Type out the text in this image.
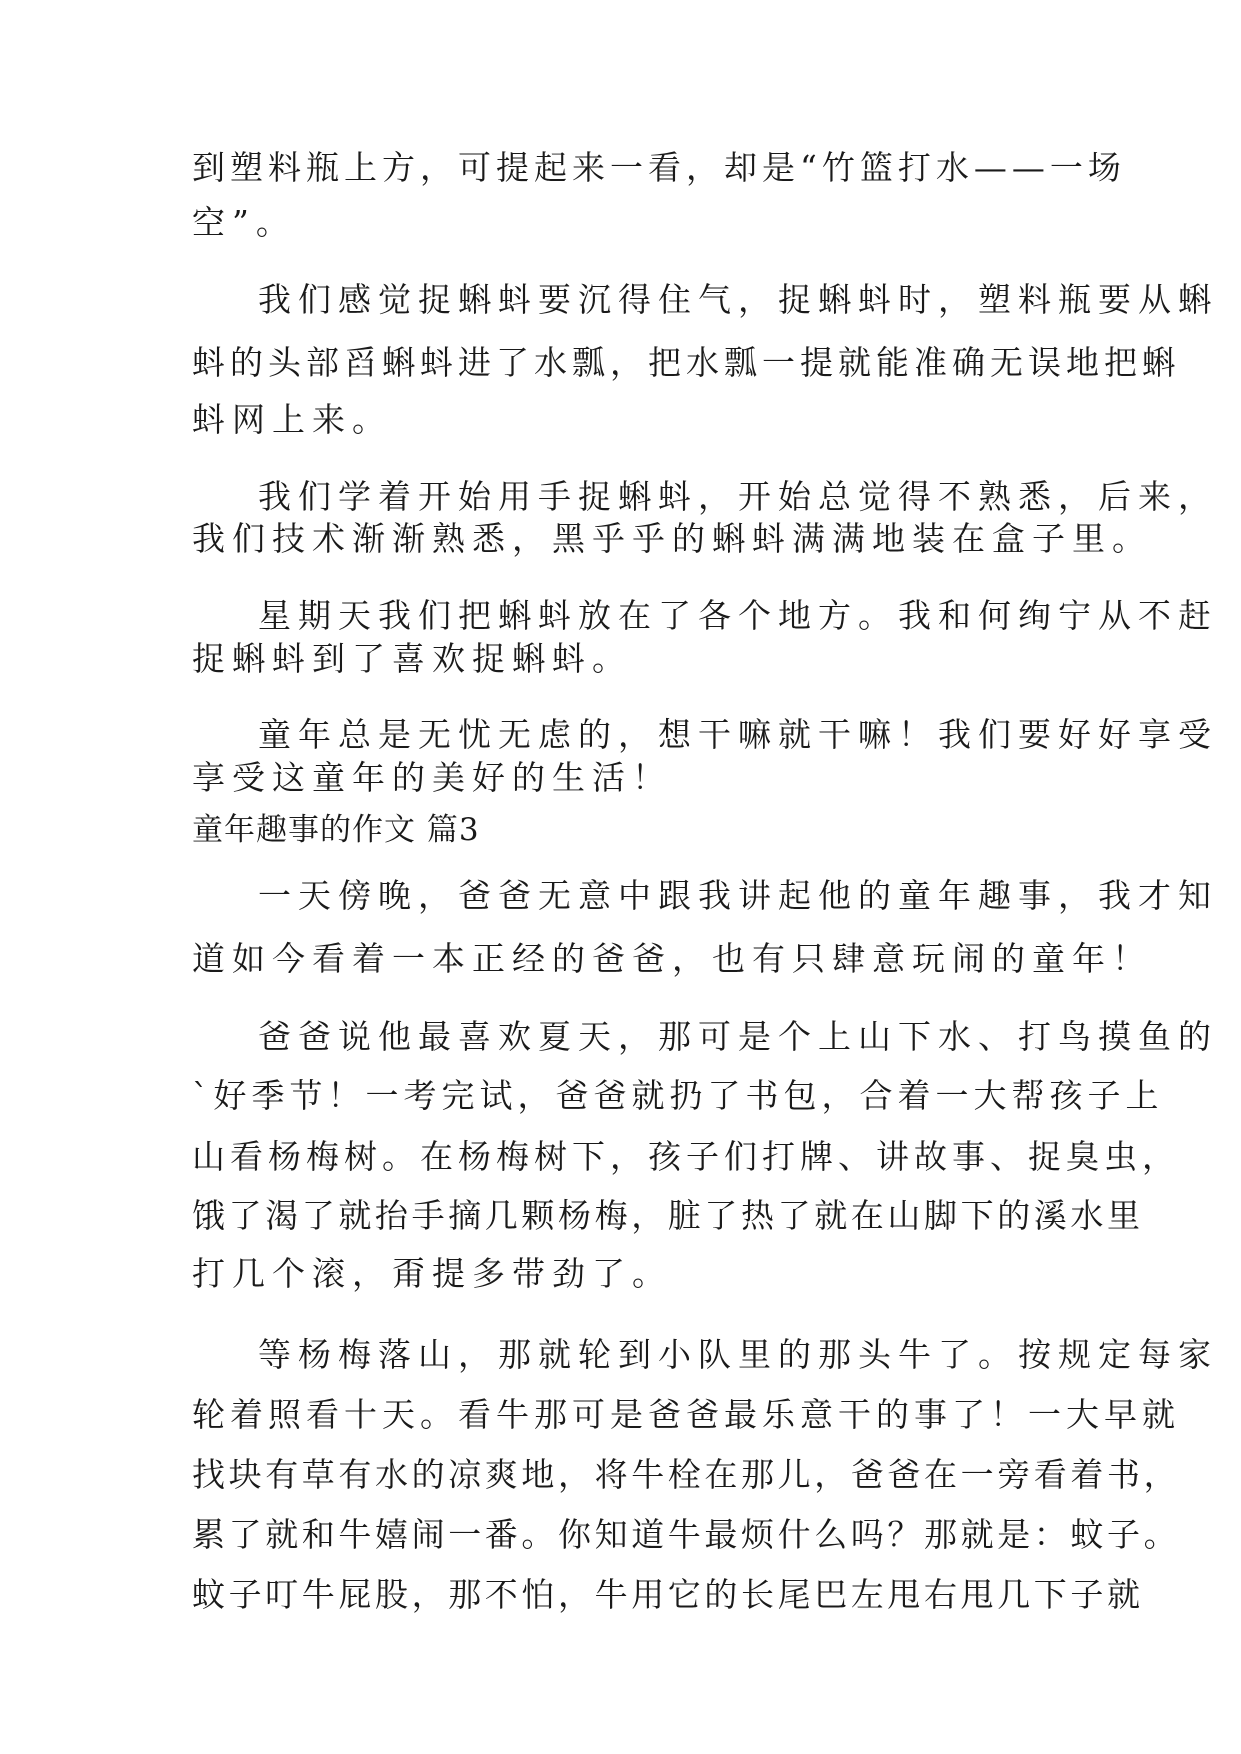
到塑料瓶上方，可提起来一看，却是“竹篮打水——一场
空”。
我们感觉捉蝌蚪要沉得住气，捉蝌蚪时，塑料瓶要从蝌
蚪的头部舀蝌蚪进了水瓢，把水瓢一提就能准确无误地把蝌
蚪网上来。
我们学着开始用手捉蝌蚪，开始总觉得不熟悉，后来，
我们技术渐渐熟悉，黑乎乎的蝌蚪满满地装在盒子里。
星期天我们把蝌蚪放在了各个地方。我和何绚宁从不赶
捉蝌蚪到了喜欢捉蝌蚪。
童年总是无忧无虑的，想干嘛就干嘛！我们要好好享受
享受这童年的美好的生活！
童年趣事的作文 篇3
一天傍晚，爸爸无意中跟我讲起他的童年趣事，我才知
道如今看着一本正经的爸爸，也有只肆意玩闹的童年！
爸爸说他最喜欢夏天，那可是个上山下水、打鸟摸鱼的
`好季节！一考完试，爸爸就扔了书包，合着一大帮孩子上
山看杨梅树。在杨梅树下，孩子们打牌、讲故事、捉臭虫，
饿了渴了就抬手摘几颗杨梅，脏了热了就在山脚下的溪水里
打几个滚，甭提多带劲了。
等杨梅落山，那就轮到小队里的那头牛了。按规定每家
轮着照看十天。看牛那可是爸爸最乐意干的事了！一大早就
找块有草有水的凉爽地，将牛栓在那儿，爸爸在一旁看着书，
累了就和牛嬉闹一番。你知道牛最烦什么吗？那就是：蚊子。
蚊子叮牛屁股，那不怕，牛用它的长尾巴左甩右甩几下子就
